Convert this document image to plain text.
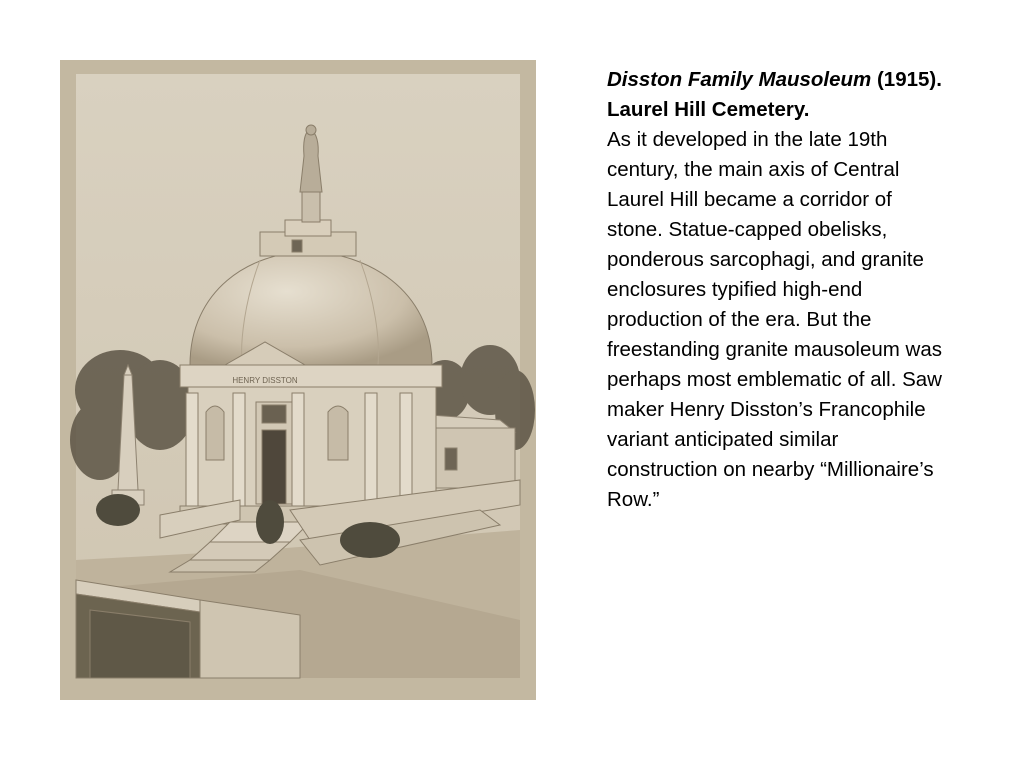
HENRY DISSTON
Disston Family Mausoleum (1915). Laurel Hill Cemetery.
As it developed in the late 19th century, the main axis of Central Laurel Hill became a corridor of stone. Statue-capped obelisks, ponderous sarcophagi, and granite enclosures typified high-end production of the era. But the freestanding granite mausoleum was perhaps most emblematic of all. Saw maker Henry Disston’s Francophile variant anticipated similar construction on nearby “Millionaire’s Row.”
